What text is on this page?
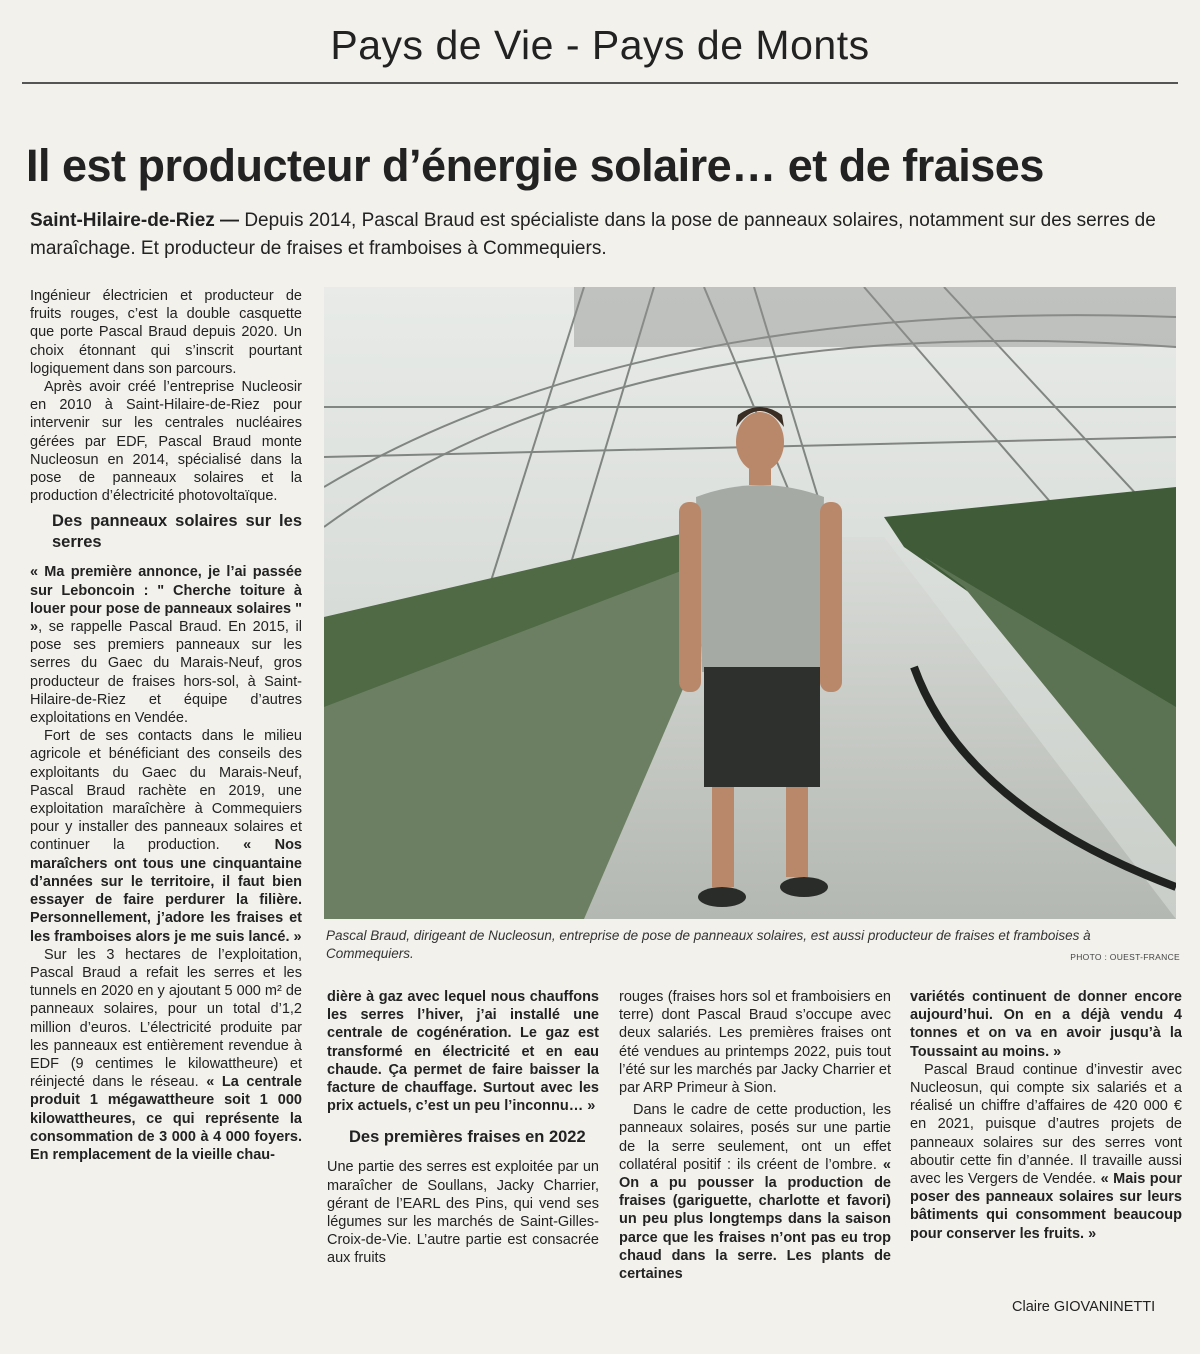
Pays de Vie - Pays de Monts
Il est producteur d’énergie solaire… et de fraises
Saint-Hilaire-de-Riez — Depuis 2014, Pascal Braud est spécialiste dans la pose de panneaux solaires, notamment sur des serres de maraîchage. Et producteur de fraises et framboises à Commequiers.

Ingénieur électricien et producteur de fruits rouges, c’est la double casquette que porte Pascal Braud depuis 2020. Un choix étonnant qui s’inscrit pourtant logiquement dans son parcours.

Après avoir créé l’entreprise Nucleosir en 2010 à Saint-Hilaire-de-Riez pour intervenir sur les centrales nucléaires gérées par EDF, Pascal Braud monte Nucleosun en 2014, spécialisé dans la pose de panneaux solaires et la production d’électricité photovoltaïque.

Des panneaux solaires sur les serres

« Ma première annonce, je l’ai passée sur Leboncoin : " Cherche toiture à louer pour pose de panneaux solaires " », se rappelle Pascal Braud. En 2015, il pose ses premiers panneaux sur les serres du Gaec du Marais-Neuf, gros producteur de fraises hors-sol, à Saint-Hilaire-de-Riez et équipe d’autres exploitations en Vendée.

Fort de ses contacts dans le milieu agricole et bénéficiant des conseils des exploitants du Gaec du Marais-Neuf, Pascal Braud rachète en 2019, une exploitation maraîchère à Commequiers pour y installer des panneaux solaires et continuer la production. « Nos maraîchers ont tous une cinquantaine d’années sur le territoire, il faut bien essayer de faire perdurer la filière. Personnellement, j’adore les fraises et les framboises alors je me suis lancé. »

Sur les 3 hectares de l’exploitation, Pascal Braud a refait les serres et les tunnels en 2020 en y ajoutant 5 000 m² de panneaux solaires, pour un total d’1,2 million d’euros. L’électricité produite par les panneaux est entièrement revendue à EDF (9 centimes le kilowattheure) et réinjecté dans le réseau. « La centrale produit 1 mégawattheure soit 1 000 kilowattheures, ce qui représente la consommation de 3 000 à 4 000 foyers. En remplacement de la vieille chau-

Pascal Braud, dirigeant de Nucleosun, entreprise de pose de panneaux solaires, est aussi producteur de fraises et framboises à Commequiers.	PHOTO : OUEST-FRANCE

dière à gaz avec lequel nous chauffons les serres l’hiver, j’ai installé une centrale de cogénération. Le gaz est transformé en électricité et en eau chaude. Ça permet de faire baisser la facture de chauffage. Surtout avec les prix actuels, c’est un peu l’inconnu… »

Des premières fraises en 2022

Une partie des serres est exploitée par un maraîcher de Soullans, Jacky Charrier, gérant de l’EARL des Pins, qui vend ses légumes sur les marchés de Saint-Gilles-Croix-de-Vie. L’autre partie est consacrée aux fruits

rouges (fraises hors sol et framboisiers en terre) dont Pascal Braud s’occupe avec deux salariés. Les premières fraises ont été vendues au printemps 2022, puis tout l’été sur les marchés par Jacky Charrier et par ARP Primeur à Sion.

Dans le cadre de cette production, les panneaux solaires, posés sur une partie de la serre seulement, ont un effet collatéral positif : ils créent de l’ombre. « On a pu pousser la production de fraises (gariguette, charlotte et favori) un peu plus longtemps dans la saison parce que les fraises n’ont pas eu trop chaud dans la serre. Les plants de certaines

variétés continuent de donner encore aujourd’hui. On en a déjà vendu 4 tonnes et on va en avoir jusqu’à la Toussaint au moins. »

Pascal Braud continue d’investir avec Nucleosun, qui compte six salariés et a réalisé un chiffre d’affaires de 420 000 € en 2021, puisque d’autres projets de panneaux solaires sur des serres vont aboutir cette fin d’année. Il travaille aussi avec les Vergers de Vendée. « Mais pour poser des panneaux solaires sur leurs bâtiments qui consomment beaucoup pour conserver les fruits. »

Claire GIOVANINETTI
